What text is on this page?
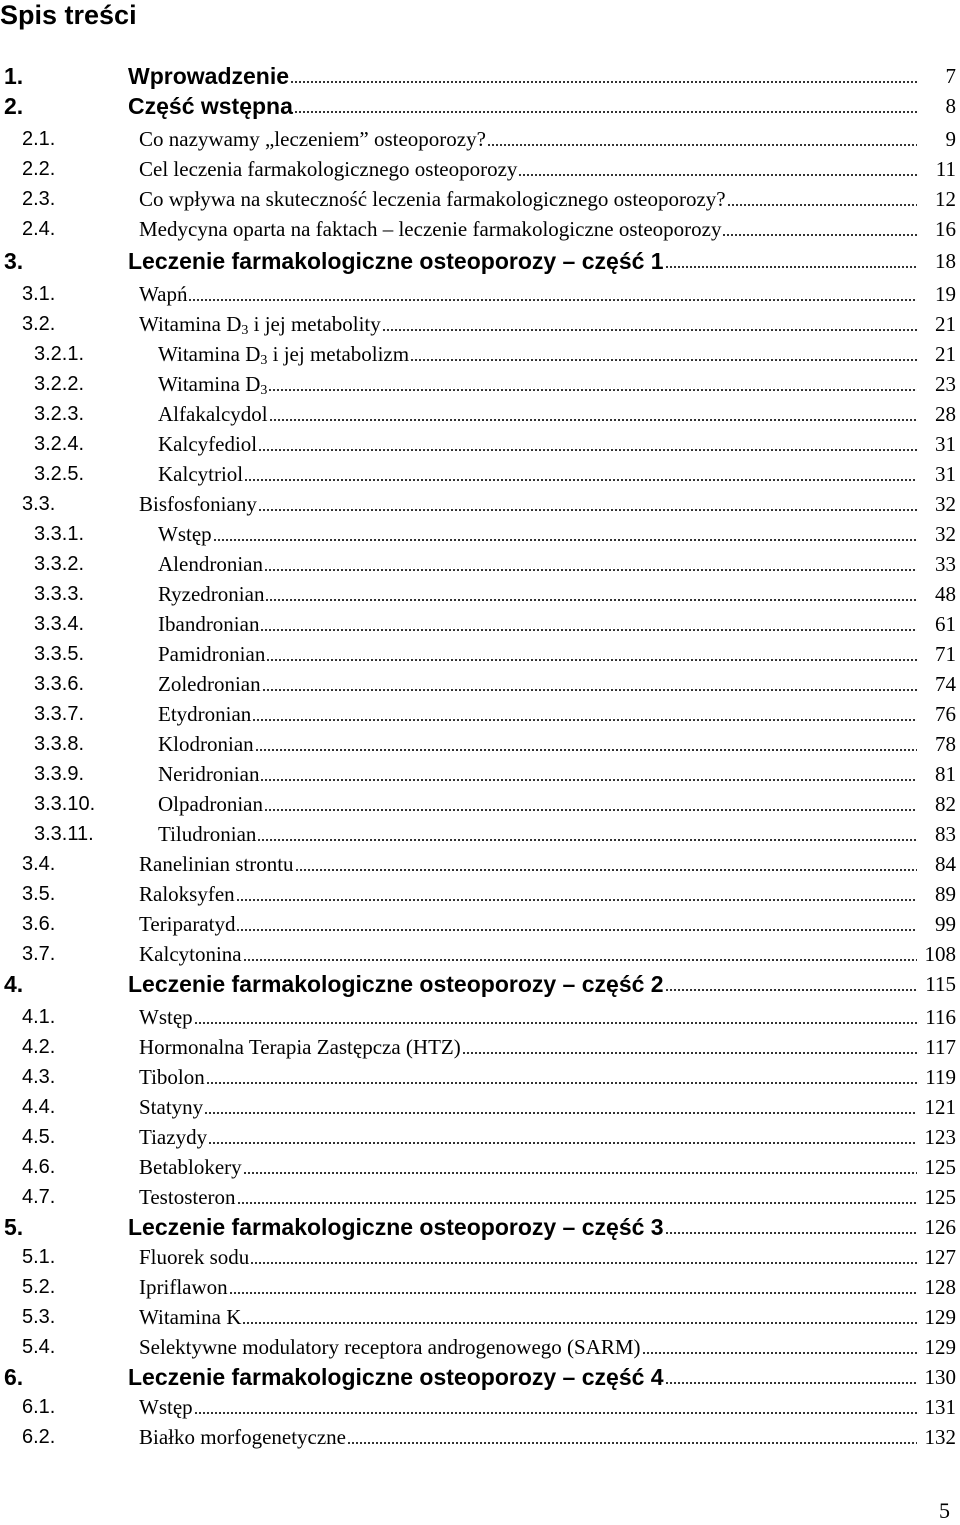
Spis treści
1.	Wprowadzenie	7
2.	Część wstępna	8
2.1.	Co nazywamy „leczeniem” osteoporozy?	9
2.2.	Cel leczenia farmakologicznego osteoporozy	11
2.3.	Co wpływa na skuteczność leczenia farmakologicznego osteoporozy?	12
2.4.	Medycyna oparta na faktach – leczenie farmakologiczne osteoporozy	16
3.	Leczenie farmakologiczne osteoporozy – część 1	18
3.1.	Wapń	19
3.2.	Witamina $D_3$ i jej metabolity	21
3.2.1.	Witamina $D_3$ i jej metabolizm	21
3.2.2.	Witamina $D_3$	23
3.2.3.	Alfakalcydol	28
3.2.4.	Kalcyfediol	31
3.2.5.	Kalcytriol	31
3.3.	Bisfosfoniany	32
3.3.1.	Wstęp	32
3.3.2.	Alendronian	33
3.3.3.	Ryzedronian	48
3.3.4.	Ibandronian	61
3.3.5.	Pamidronian	71
3.3.6.	Zoledronian	74
3.3.7.	Etydronian	76
3.3.8.	Klodronian	78
3.3.9.	Neridronian	81
3.3.10.	Olpadronian	82
3.3.11.	Tiludronian	83
3.4.	Ranelinian strontu	84
3.5.	Raloksyfen	89
3.6.	Teriparatyd	99
3.7.	Kalcytonina	108
4.	Leczenie farmakologiczne osteoporozy – część 2	115
4.1.	Wstęp	116
4.2.	Hormonalna Terapia Zastępcza (HTZ)	117
4.3.	Tibolon	119
4.4.	Statyny	121
4.5.	Tiazydy	123
4.6.	Betablokery	125
4.7.	Testosteron	125
5.	Leczenie farmakologiczne osteoporozy – część 3	126
5.1.	Fluorek sodu	127
5.2.	Ipriflawon	128
5.3.	Witamina K	129
5.4.	Selektywne modulatory receptora androgenowego (SARM)	129
6.	Leczenie farmakologiczne osteoporozy – część 4	130
6.1.	Wstęp	131
6.2.	Białko morfogenetyczne	132
5
